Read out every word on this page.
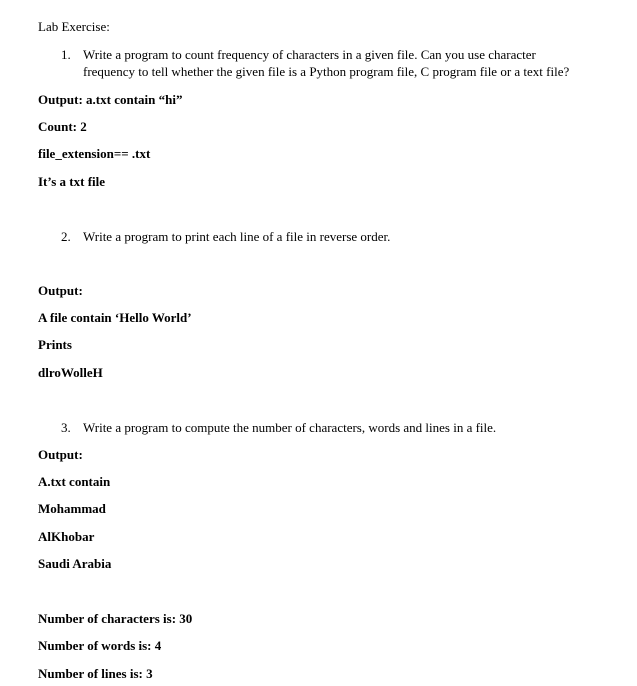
Lab Exercise:
1. Write a program to count frequency of characters in a given file. Can you use character
frequency to tell whether the given file is a Python program file, C program file or a text file?
Output: a.txt contain “hi”
Count: 2
file_extension== .txt
It’s a txt file
2. Write a program to print each line of a file in reverse order.
Output:
A file contain ‘Hello World’
Prints
dlroWolleH
3. Write a program to compute the number of characters, words and lines in a file.
Output:
A.txt contain
Mohammad
AlKhobar
Saudi Arabia
Number of characters is: 30
Number of words is: 4
Number of lines is: 3
